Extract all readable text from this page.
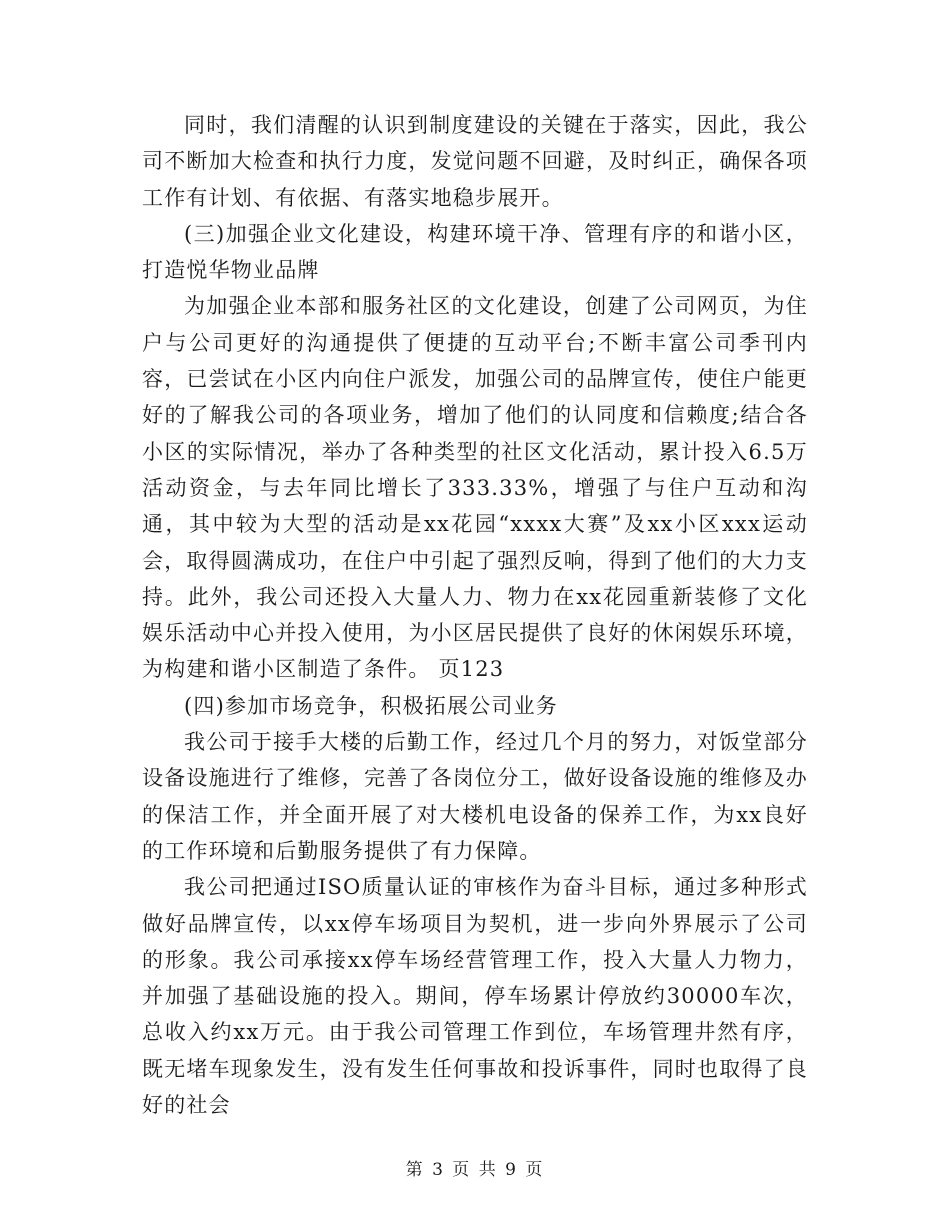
同时，我们清醒的认识到制度建设的关键在于落实，因此，我公司不断加大检查和执行力度，发觉问题不回避，及时纠正，确保各项工作有计划、有依据、有落实地稳步展开。

(三)加强企业文化建设，构建环境干净、管理有序的和谐小区，打造悦华物业品牌

为加强企业本部和服务社区的文化建设，创建了公司网页，为住户与公司更好的沟通提供了便捷的互动平台;不断丰富公司季刊内容，已尝试在小区内向住户派发，加强公司的品牌宣传，使住户能更好的了解我公司的各项业务，增加了他们的认同度和信赖度;结合各小区的实际情况，举办了各种类型的社区文化活动，累计投入6.5万活动资金，与去年同比增长了333.33%，增强了与住户互动和沟通，其中较为大型的活动是xx花园“xxxx大赛”及xx小区xxx运动会，取得圆满成功，在住户中引起了强烈反响，得到了他们的大力支持。此外，我公司还投入大量人力、物力在xx花园重新装修了文化娱乐活动中心并投入使用，为小区居民提供了良好的休闲娱乐环境，为构建和谐小区制造了条件。 页123

(四)参加市场竞争，积极拓展公司业务

我公司于接手大楼的后勤工作，经过几个月的努力，对饭堂部分设备设施进行了维修，完善了各岗位分工，做好设备设施的维修及办的保洁工作，并全面开展了对大楼机电设备的保养工作，为xx良好的工作环境和后勤服务提供了有力保障。

我公司把通过ISO质量认证的审核作为奋斗目标，通过多种形式做好品牌宣传，以xx停车场项目为契机，进一步向外界展示了公司的形象。我公司承接xx停车场经营管理工作，投入大量人力物力，并加强了基础设施的投入。期间，停车场累计停放约30000车次，总收入约xx万元。由于我公司管理工作到位，车场管理井然有序，既无堵车现象发生，没有发生任何事故和投诉事件，同时也取得了良好的社会

第 3 页 共 9 页
